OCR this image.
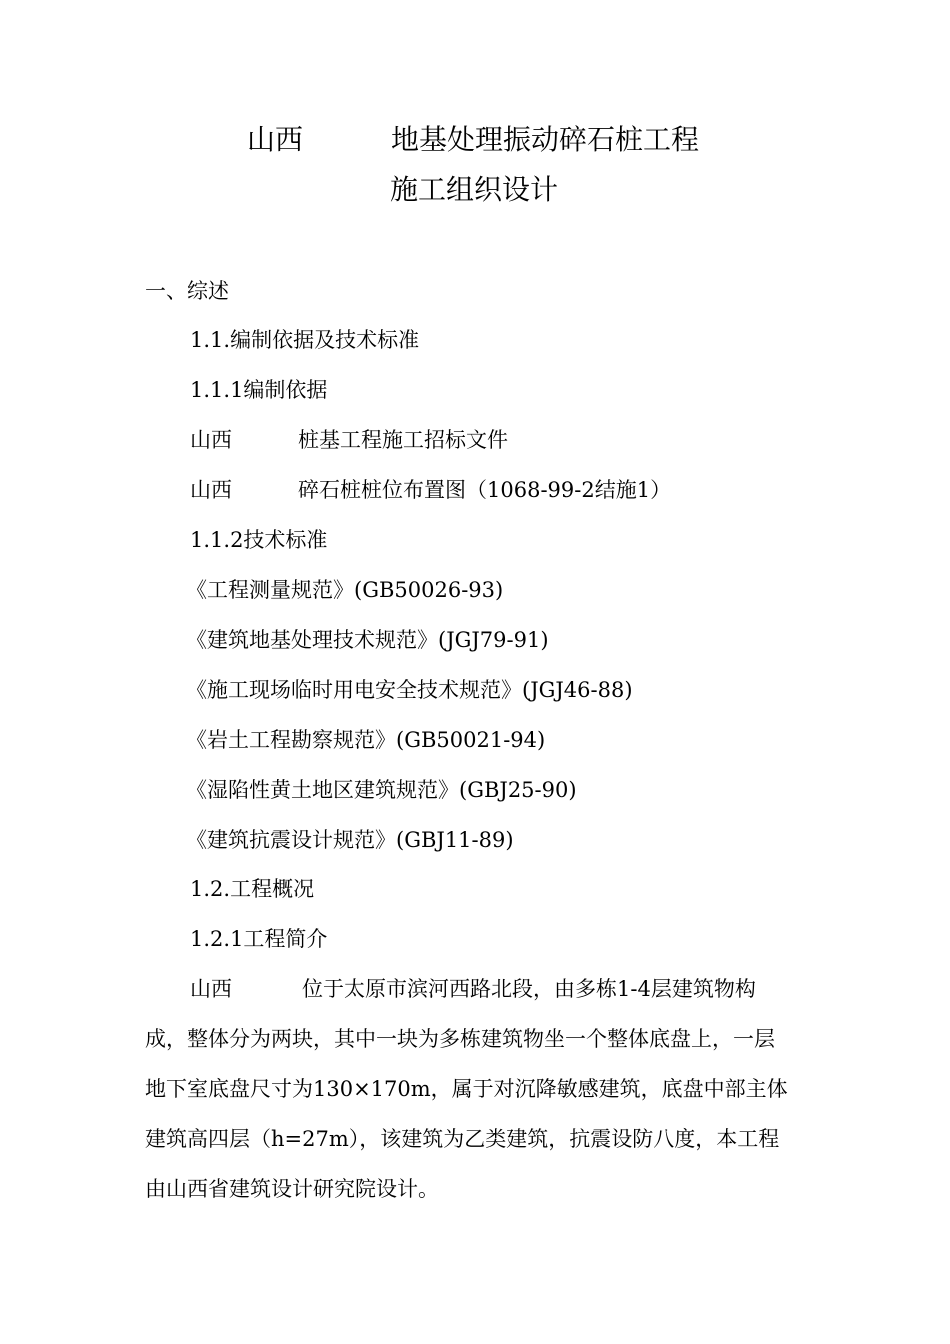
山西	地基处理振动碎石桩工程
施工组织设计
一、综述
1.1.编制依据及技术标准
1.1.1编制依据
山西	桩基工程施工招标文件
山西	碎石桩桩位布置图（1068-99-2结施1）
1.1.2技术标准
《工程测量规范》(GB50026-93)
《建筑地基处理技术规范》(JGJ79-91)
《施工现场临时用电安全技术规范》(JGJ46-88)
《岩土工程勘察规范》(GB50021-94)
《湿陷性黄土地区建筑规范》(GBJ25-90)
《建筑抗震设计规范》(GBJ11-89)
1.2.工程概况
1.2.1工程简介
山西	位于太原市滨河西路北段，由多栋1-4层建筑物构
成，整体分为两块，其中一块为多栋建筑物坐一个整体底盘上，一层
地下室底盘尺寸为130×170m，属于对沉降敏感建筑，底盘中部主体
建筑高四层（h=27m），该建筑为乙类建筑，抗震设防八度，本工程
由山西省建筑设计研究院设计。
